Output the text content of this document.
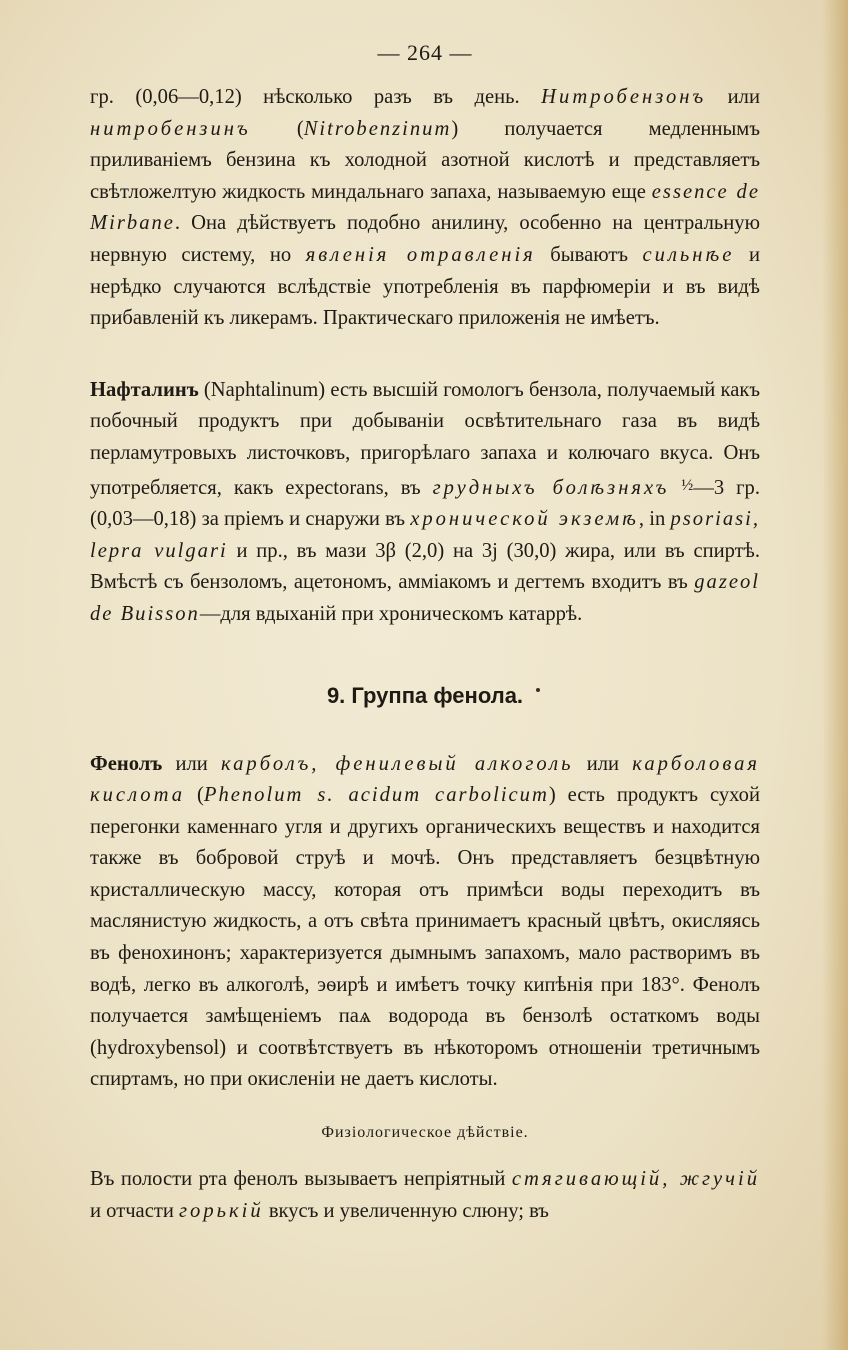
— 264 —

гр. (0,06—0,12) нѣсколько разъ въ день. Нитробензонъ или нитробензинъ (Nitrobenzinum) получается медленнымъ приливаніемъ бензина къ холодной азотной кислотѣ и представляетъ свѣтложелтую жидкость миндальнаго запаха, называемую еще essence de Mirbane. Она дѣйствуетъ подобно анилину, особенно на центральную нервную систему, но явленія отравленія бываютъ сильнѣе и нерѣдко случаются вслѣдствіе употребленія въ парфюмеріи и въ видѣ прибавленій къ ликерамъ. Практическаго приложенія не имѣетъ.

Нафталинъ (Naphtalinum) есть высшій гомологъ бензола, получаемый какъ побочный продуктъ при добываніи освѣтительнаго газа въ видѣ перламутровыхъ листочковъ, пригорѣлаго запаха и колючаго вкуса. Онъ употребляется, какъ expectorans, въ грудныхъ болѣзняхъ ½—3 гр. (0,03—0,18) за пріемъ и снаружи въ хронической экземѣ, in psoriasi, lepra vulgari и пр., въ мази 3β (2,0) на 3j (30,0) жира, или въ спиртѣ. Вмѣстѣ съ бензоломъ, ацетономъ, аммiакомъ и дегтемъ входитъ въ gazeol de Buisson—для вдыханій при хроническомъ катаррѣ.

9. Группа фенола.

Фенолъ или карболъ, фенилевый алкоголь или карболовая кислота (Phenolum s. acidum carbolicum) есть продуктъ сухой перегонки каменнаго угля и другихъ органическихъ веществъ и находится также въ бобровой струѣ и мочѣ. Онъ представляетъ безцвѣтную кристаллическую массу, которая отъ примѣси воды переходитъ въ маслянистую жидкость, а отъ свѣта принимаетъ красный цвѣтъ, окисляясь въ фенохинонъ; характеризуется дымнымъ запахомъ, мало растворимъ въ водѣ, легко въ алкоголѣ, эѳирѣ и имѣетъ точку кипѣнія при 183°. Фенолъ получается замѣщеніемъ паѧ водорода въ бензолѣ остаткомъ воды (hydroxybensol) и соотвѣтствуетъ въ нѣкоторомъ отношеніи третичнымъ спиртамъ, но при окисленіи не даетъ кислоты.

Физіологическое дѣйствіе.

Въ полости рта фенолъ вызываетъ непріятный стягивающій, жгучій и отчасти горькій вкусъ и увеличенную слюну; въ
